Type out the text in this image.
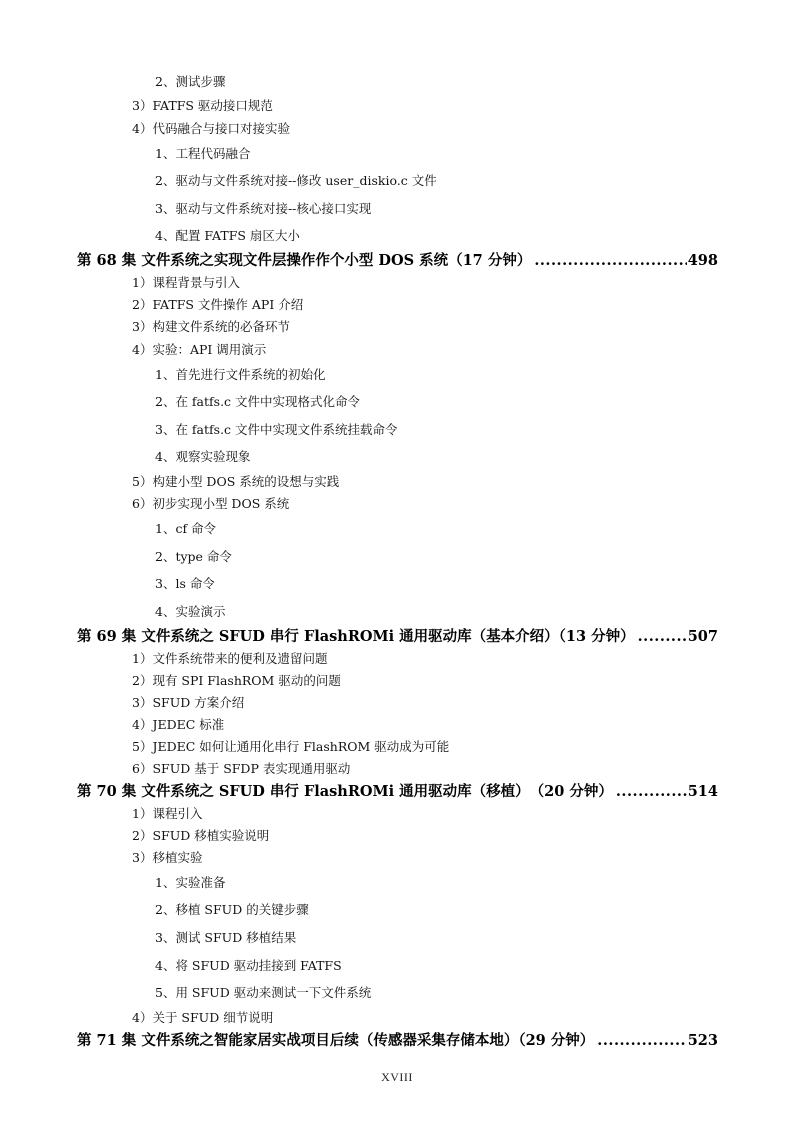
2、测试步骤
3）FATFS 驱动接口规范
4）代码融合与接口对接实验
1、工程代码融合
2、驱动与文件系统对接--修改 user_diskio.c 文件
3、驱动与文件系统对接--核心接口实现
4、配置 FATFS 扇区大小
第 68 集 文件系统之实现文件层操作作个小型 DOS 系统（17 分钟） .....	498
1）课程背景与引入
2）FATFS 文件操作 API 介绍
3）构建文件系统的必备环节
4）实验：API 调用演示
1、首先进行文件系统的初始化
2、在 fatfs.c 文件中实现格式化命令
3、在 fatfs.c 文件中实现文件系统挂载命令
4、观察实验现象
5）构建小型 DOS 系统的设想与实践
6）初步实现小型 DOS 系统
1、cf 命令
2、type 命令
3、ls 命令
4、实验演示
第 69 集 文件系统之 SFUD 串行 FlashROMi 通用驱动库（基本介绍）（13 分钟） .....	507
1）文件系统带来的便利及遗留问题
2）现有 SPI FlashROM 驱动的问题
3）SFUD 方案介绍
4）JEDEC 标准
5）JEDEC 如何让通用化串行 FlashROM 驱动成为可能
6）SFUD 基于 SFDP 表实现通用驱动
第 70 集 文件系统之 SFUD 串行 FlashROMi 通用驱动库（移植）　（20 分钟） .....	514
1）课程引入
2）SFUD 移植实验说明
3）移植实验
1、实验准备
2、移植 SFUD 的关键步骤
3、测试 SFUD 移植结果
4、将 SFUD 驱动挂接到 FATFS
5、用 SFUD 驱动来测试一下文件系统
4）关于 SFUD 细节说明
第 71 集 文件系统之智能家居实战项目后续（传感器采集存储本地）（29 分钟） .....	523
XVIII
